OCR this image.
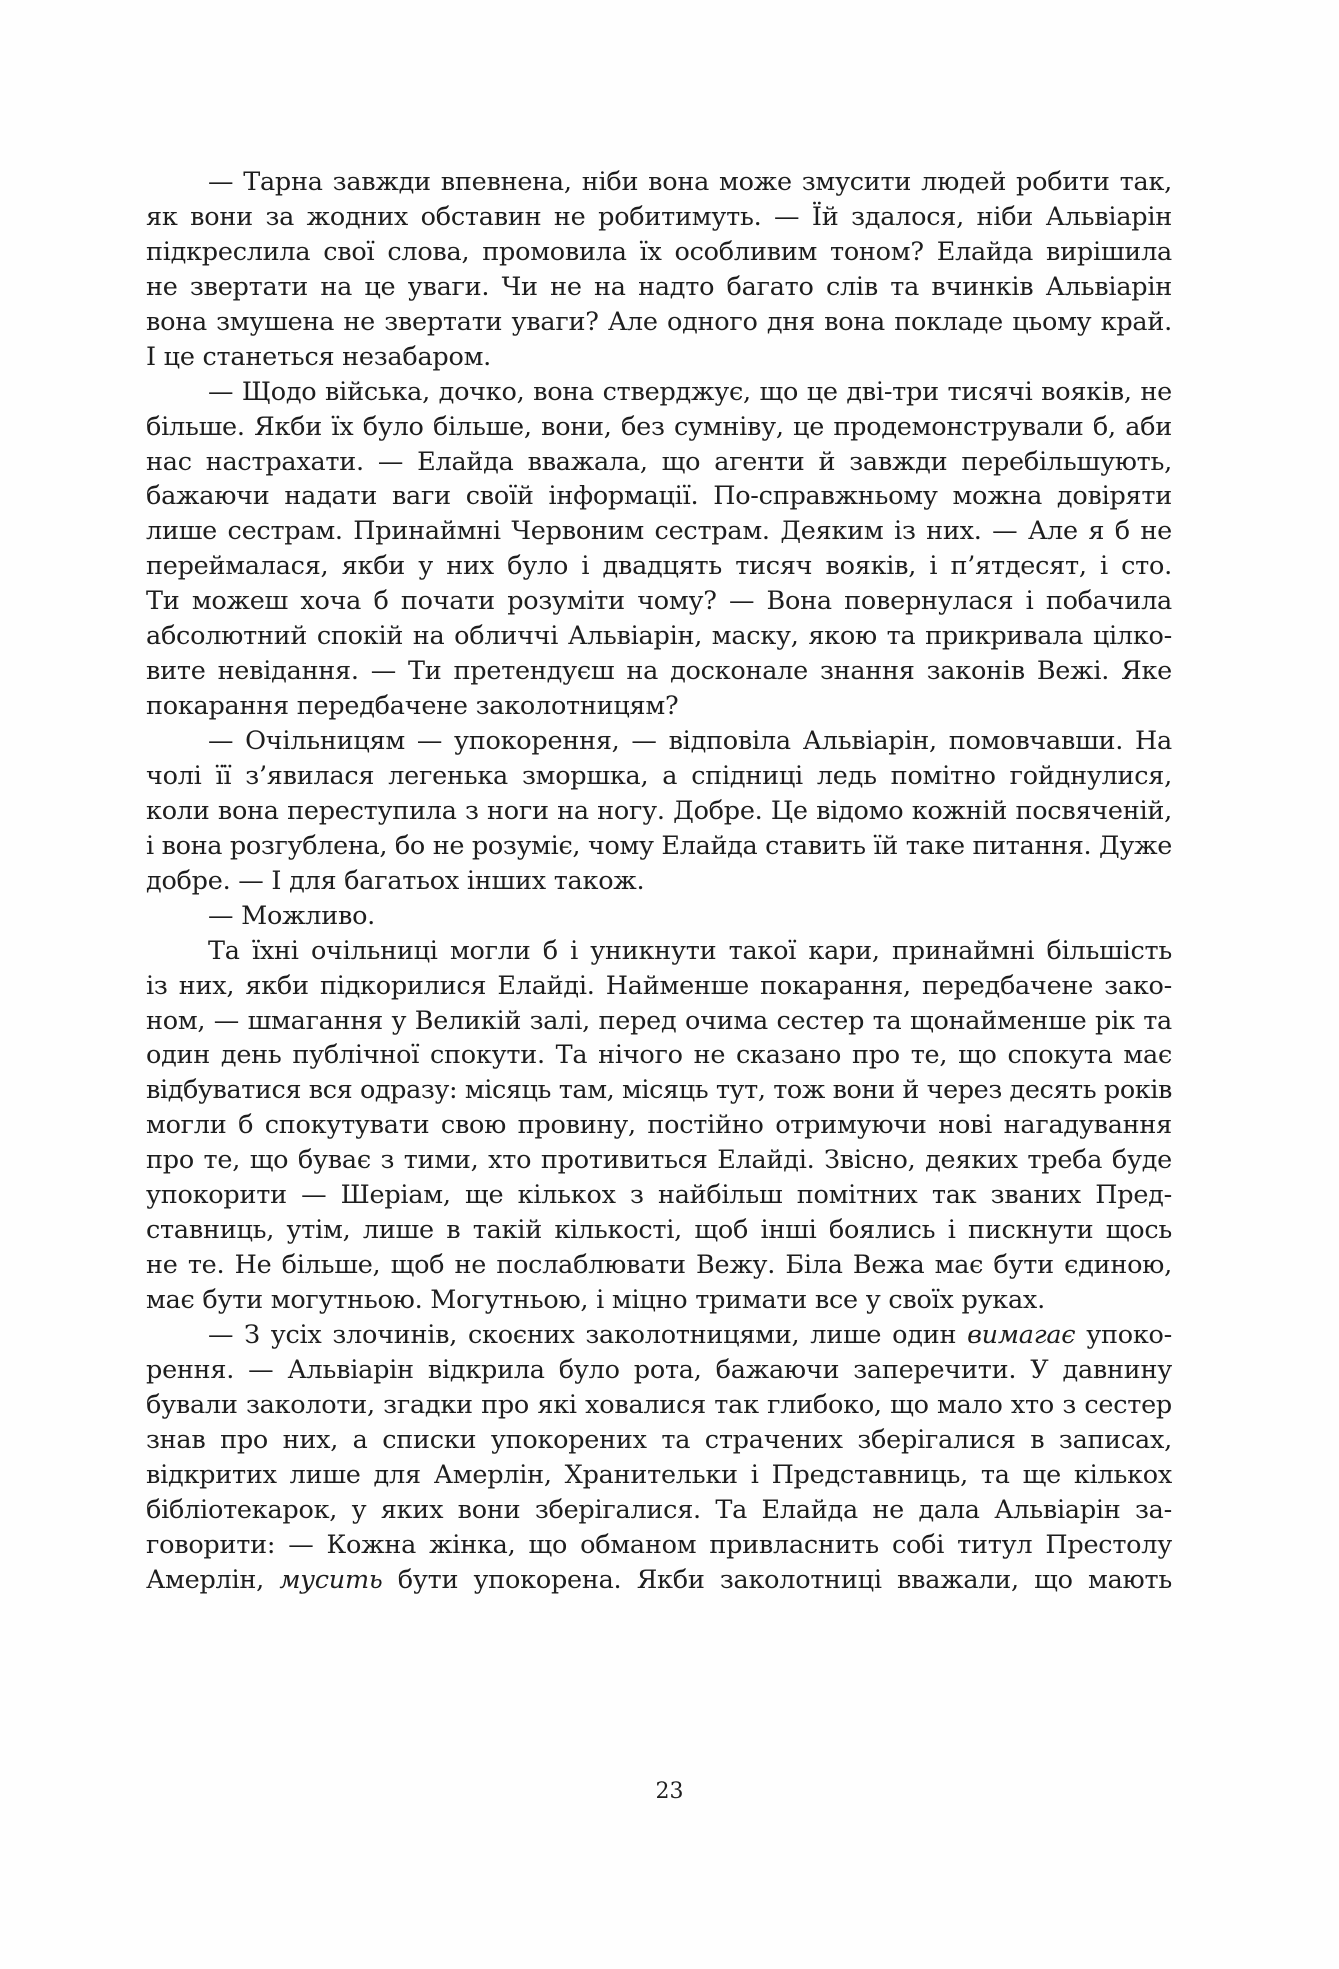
— Тарна завжди впевнена, ніби вона може змусити людей робити так,
як вони за жодних обставин не робитимуть. — Їй здалося, ніби Альвіарін
підкреслила свої слова, промовила їх особливим тоном? Елайда вирішила
не звертати на це уваги. Чи не на надто багато слів та вчинків Альвіарін
вона змушена не звертати уваги? Але одного дня вона покладе цьому край.
І це станеться незабаром.
— Щодо війська, дочко, вона стверджує, що це дві-три тисячі вояків, не
більше. Якби їх було більше, вони, без сумніву, це продемонстрували б, аби
нас настрахати. — Елайда вважала, що агенти й завжди перебільшують,
бажаючи надати ваги своїй інформації. По-справжньому можна довіряти
лише сестрам. Принаймні Червоним сестрам. Деяким із них. — Але я б не
переймалася, якби у них було і двадцять тисяч вояків, і п’ятдесят, і сто.
Ти можеш хоча б почати розуміти чому? — Вона повернулася і побачила
абсолютний спокій на обличчі Альвіарін, маску, якою та прикривала цілко-
вите невідання. — Ти претендуєш на досконале знання законів Вежі. Яке
покарання передбачене заколотницям?
— Очільницям — упокорення, — відповіла Альвіарін, помовчавши. На
чолі її з’явилася легенька зморшка, а спідниці ледь помітно гойднулися,
коли вона переступила з ноги на ногу. Добре. Це відомо кожній посвяченій,
і вона розгублена, бо не розуміє, чому Елайда ставить їй таке питання. Дуже
добре. — І для багатьох інших також.
— Можливо.
Та їхні очільниці могли б і уникнути такої кари, принаймні більшість
із них, якби підкорилися Елайді. Найменше покарання, передбачене зако-
ном, — шмагання у Великій залі, перед очима сестер та щонайменше рік та
один день публічної спокути. Та нічого не сказано про те, що спокута має
відбуватися вся одразу: місяць там, місяць тут, тож вони й через десять років
могли б спокутувати свою провину, постійно отримуючи нові нагадування
про те, що буває з тими, хто противиться Елайді. Звісно, деяких треба буде
упокорити — Шеріам, ще кількох з найбільш помітних так званих Пред-
ставниць, утім, лише в такій кількості, щоб інші боялись і пискнути щось
не те. Не більше, щоб не послаблювати Вежу. Біла Вежа має бути єдиною,
має бути могутньою. Могутньою, і міцно тримати все у своїх руках.
— З усіх злочинів, скоєних заколотницями, лише один вимагає упоко-
рення. — Альвіарін відкрила було рота, бажаючи заперечити. У давнину
бували заколоти, згадки про які ховалися так глибоко, що мало хто з сестер
знав про них, а списки упокорених та страчених зберігалися в записах,
відкритих лише для Амерлін, Хранительки і Представниць, та ще кількох
бібліотекарок, у яких вони зберігалися. Та Елайда не дала Альвіарін за-
говорити: — Кожна жінка, що обманом привласнить собі титул Престолу
Амерлін, мусить бути упокорена. Якби заколотниці вважали, що мають
23
